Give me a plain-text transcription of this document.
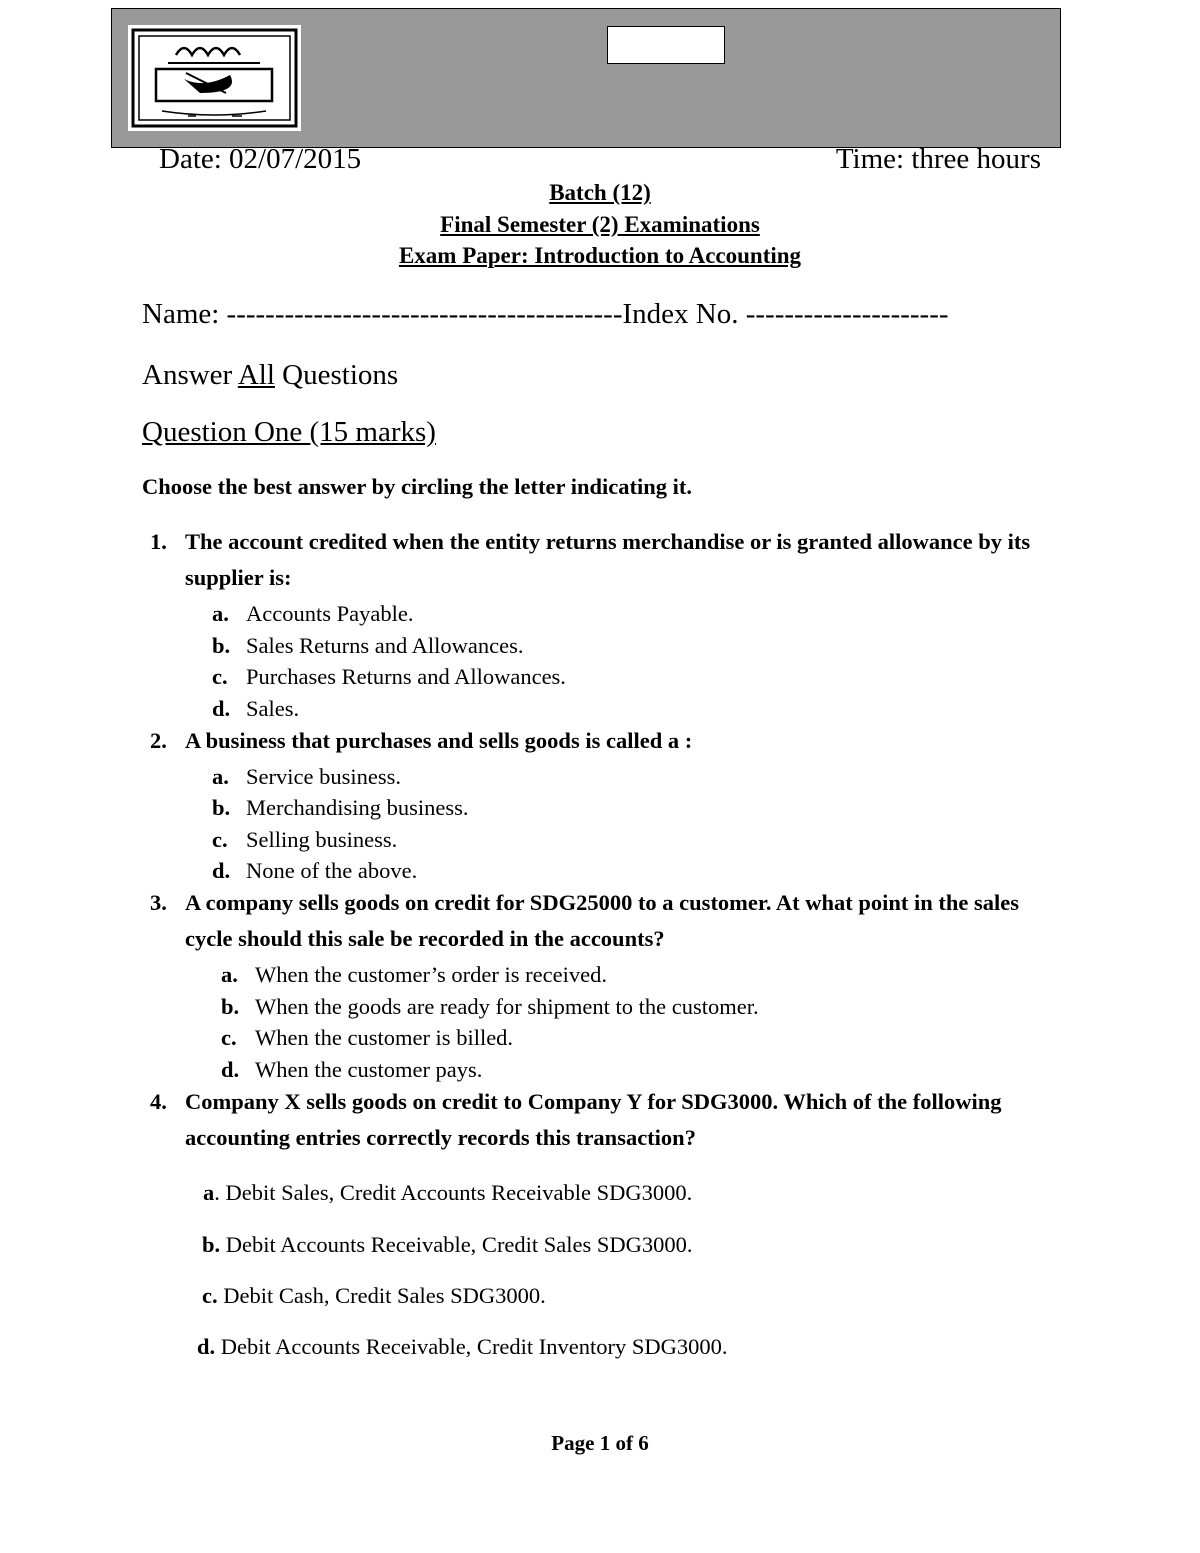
Date: 02/07/2015	Time: three hours
Batch (12)
Final Semester (2) Examinations
Exam Paper: Introduction to Accounting
Name: -----------------------------------------Index No. ---------------------
Answer All Questions
Question One (15 marks)
Choose the best answer by circling the letter indicating it.
1. The account credited when the entity returns merchandise or is granted allowance by its supplier is:
a. Accounts Payable.
b. Sales Returns and Allowances.
c. Purchases Returns and Allowances.
d. Sales.
2. A business that purchases and sells goods is called a :
a. Service business.
b. Merchandising business.
c. Selling business.
d. None of the above.
3. A company sells goods on credit for SDG25000 to a customer. At what point in the sales cycle should this sale be recorded in the accounts?
a. When the customer’s order is received.
b. When the goods are ready for shipment to the customer.
c. When the customer is billed.
d. When the customer pays.
4. Company X sells goods on credit to Company Y for SDG3000. Which of the following accounting entries correctly records this transaction?
a. Debit Sales, Credit Accounts Receivable SDG3000.
b. Debit Accounts Receivable, Credit Sales SDG3000.
c. Debit Cash, Credit Sales SDG3000.
d. Debit Accounts Receivable, Credit Inventory SDG3000.
Page 1 of 6
